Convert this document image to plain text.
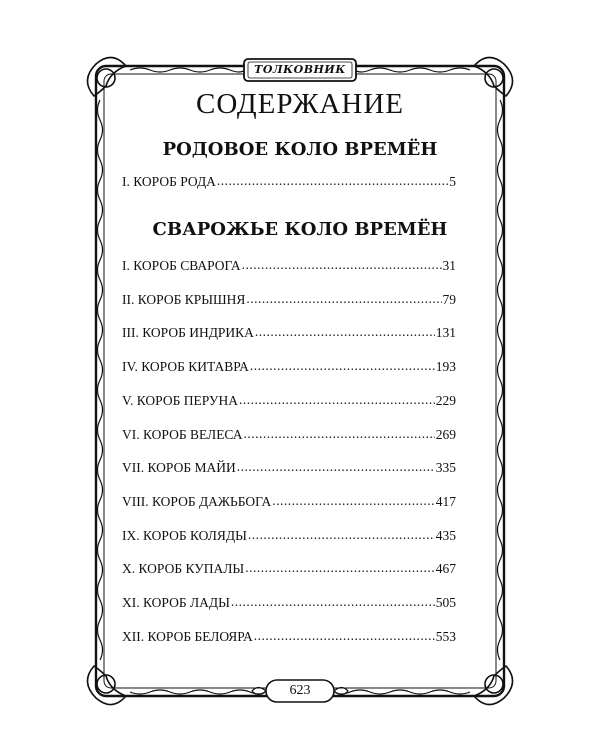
ТОЛКОВНИК
СОДЕРЖАНИЕ
РОДОВОЕ КОЛО ВРЕМЁН
I. КОРОБ РОДА .....	5
СВАРОЖЬЕ КОЛО ВРЕМЁН
I. КОРОБ СВАРОГА .....	31
II. КОРОБ КРЫШНЯ .....	79
III. КОРОБ ИНДРИКА .....	131
IV. КОРОБ КИТАВРА .....	193
V. КОРОБ ПЕРУНА .....	229
VI. КОРОБ ВЕЛЕСА .....	269
VII. КОРОБ МАЙИ .....	335
VIII. КОРОБ ДАЖЬБОГА .....	417
IX. КОРОБ КОЛЯДЫ .....	435
X. КОРОБ КУПАЛЫ .....	467
XI. КОРОБ ЛАДЫ .....	505
XII. КОРОБ БЕЛОЯРА .....	553
623
